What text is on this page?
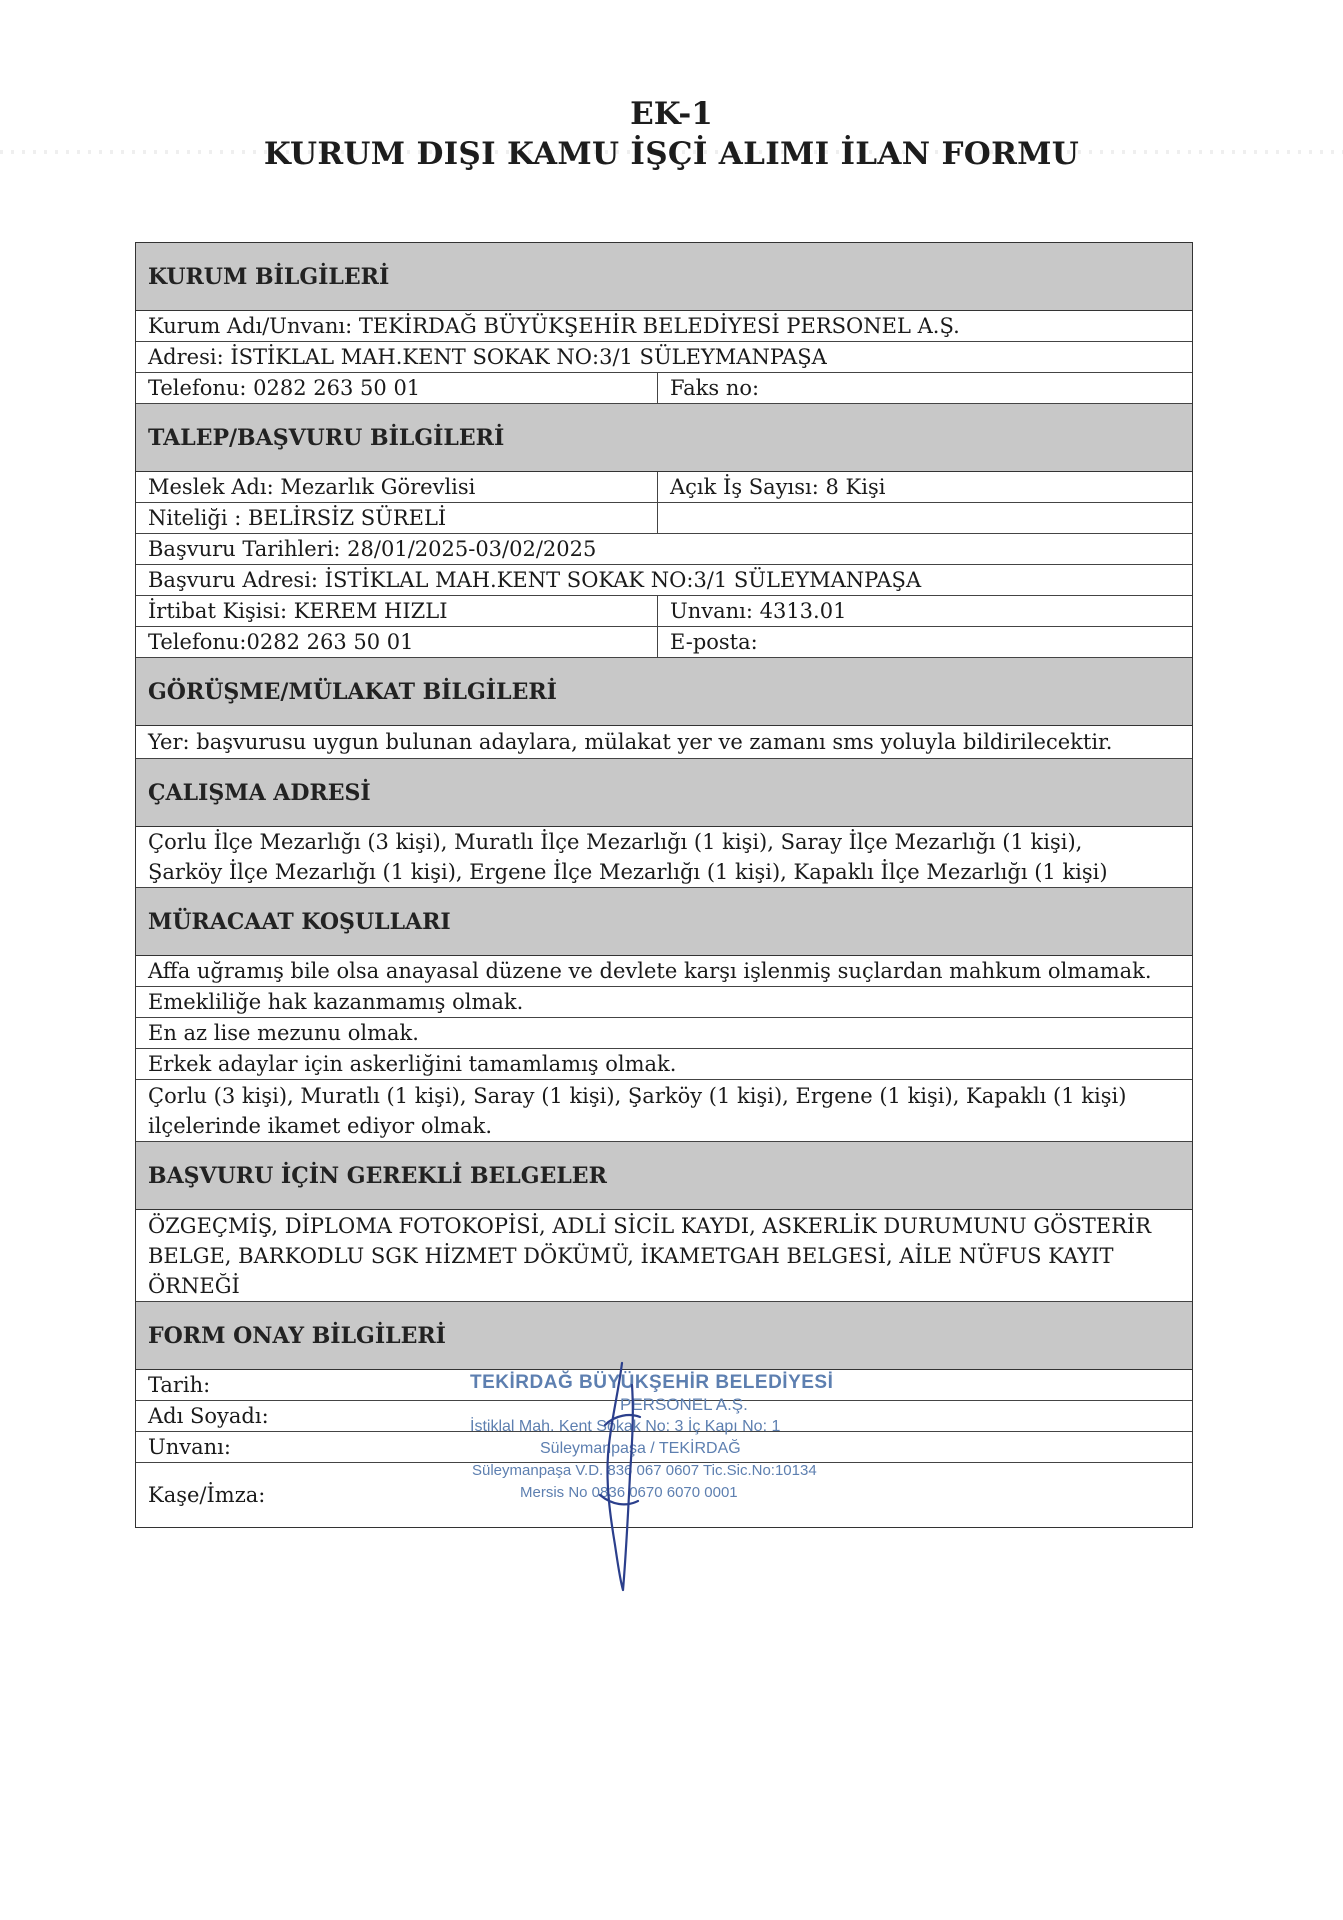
EK-1
KURUM DIŞI KAMU İŞÇİ ALIMI İLAN FORMU
KURUM BİLGİLERİ
Kurum Adı/Unvanı: TEKİRDAĞ BÜYÜKŞEHİR BELEDİYESİ PERSONEL A.Ş.
Adresi: İSTİKLAL MAH.KENT SOKAK NO:3/1 SÜLEYMANPAŞA
Telefonu: 0282 263 50 01	Faks no:
TALEP/BAŞVURU BİLGİLERİ
Meslek Adı: Mezarlık Görevlisi	Açık İş Sayısı: 8 Kişi
Niteliği : BELİRSİZ SÜRELİ
Başvuru Tarihleri: 28/01/2025-03/02/2025
Başvuru Adresi: İSTİKLAL MAH.KENT SOKAK NO:3/1 SÜLEYMANPAŞA
İrtibat Kişisi: KEREM HIZLI	Unvanı: 4313.01
Telefonu:0282 263 50 01	E-posta:
GÖRÜŞME/MÜLAKAT BİLGİLERİ
Yer: başvurusu uygun bulunan adaylara, mülakat yer ve zamanı sms yoluyla bildirilecektir.
ÇALIŞMA ADRESİ
Çorlu İlçe Mezarlığı (3 kişi), Muratlı İlçe Mezarlığı (1 kişi), Saray İlçe Mezarlığı (1 kişi),
Şarköy İlçe Mezarlığı (1 kişi), Ergene İlçe Mezarlığı (1 kişi), Kapaklı İlçe Mezarlığı (1 kişi)
MÜRACAAT KOŞULLARI
Affa uğramış bile olsa anayasal düzene ve devlete karşı işlenmiş suçlardan mahkum olmamak.
Emekliliğe hak kazanmamış olmak.
En az lise mezunu olmak.
Erkek adaylar için askerliğini tamamlamış olmak.
Çorlu (3 kişi), Muratlı (1 kişi), Saray (1 kişi), Şarköy (1 kişi), Ergene (1 kişi), Kapaklı (1 kişi)
ilçelerinde ikamet ediyor olmak.
BAŞVURU İÇİN GEREKLİ BELGELER
ÖZGEÇMİŞ, DİPLOMA FOTOKOPİSİ, ADLİ SİCİL KAYDI, ASKERLİK DURUMUNU GÖSTERİR
BELGE, BARKODLU SGK HİZMET DÖKÜMÜ, İKAMETGAH BELGESİ, AİLE NÜFUS KAYIT
ÖRNEĞİ
FORM ONAY BİLGİLERİ
Tarih:
Adı Soyadı:
Unvanı:
Kaşe/İmza:
TEKİRDAĞ BÜYÜKŞEHİR BELEDİYESİ
PERSONEL A.Ş.
İstiklal Mah. Kent Sokak No: 3 İç Kapı No: 1
Süleymanpaşa / TEKİRDAĞ
Süleymanpaşa V.D. 836 067 0607 Tic.Sic.No:10134
Mersis No 0836 0670 6070 0001
